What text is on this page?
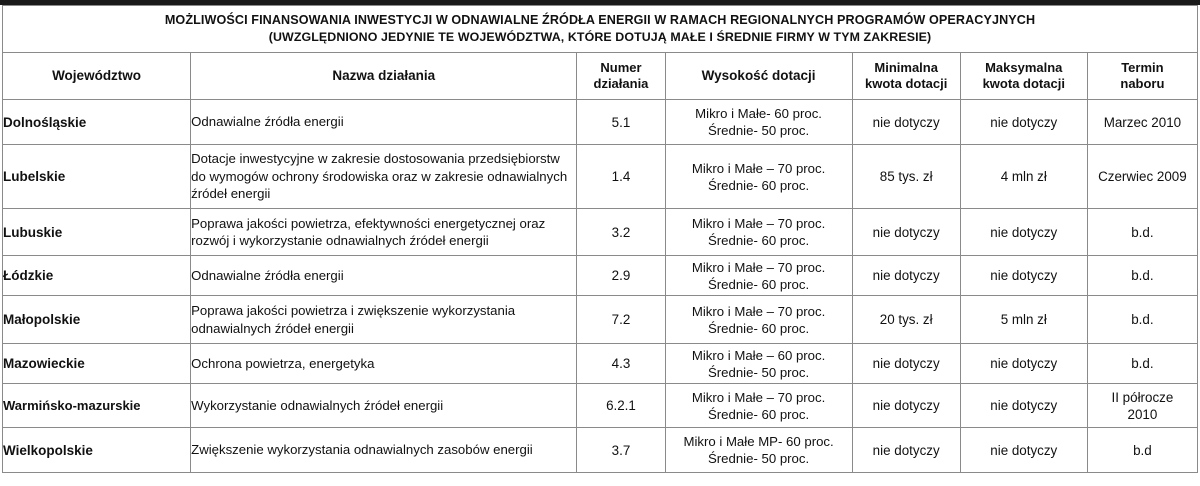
MOŻLIWOŚCI FINANSOWANIA INWESTYCJI W ODNAWIALNE ŹRÓDŁA ENERGII W RAMACH REGIONALNYCH PROGRAMÓW OPERACYJNYCH
(UWZGLĘDNIONO JEDYNIE TE WOJEWÓDZTWA, KTÓRE DOTUJĄ MAŁE I ŚREDNIE FIRMY W TYM ZAKRESIE)						

Województwo	Nazwa działania	Numer
działania	Wysokość dotacji	Minimalna
kwota dotacji	Maksymalna
kwota dotacji	Termin
naboru

Dolnośląskie	Odnawialne źródła energii	5.1	Mikro i Małe- 60 proc.
Średnie- 50 proc.	nie dotyczy	nie dotyczy	Marzec 2010

Lubelskie	Dotacje inwestycyjne w zakresie dostosowania przedsiębiorstw do wymogów ochrony środowiska oraz w zakresie odnawialnych źródeł energii	1.4	Mikro i Małe – 70 proc.
Średnie- 60 proc.	85 tys. zł	4 mln zł	Czerwiec 2009

Lubuskie	Poprawa jakości powietrza, efektywności energetycznej oraz rozwój i wykorzystanie odnawialnych źródeł energii	3.2	Mikro i Małe – 70 proc.
Średnie- 60 proc.	nie dotyczy	nie dotyczy	b.d.

Łódzkie	Odnawialne źródła energii	2.9	Mikro i Małe – 70 proc.
Średnie- 60 proc.	nie dotyczy	nie dotyczy	b.d.

Małopolskie	Poprawa jakości powietrza i zwiększenie wykorzystania odnawialnych źródeł energii	7.2	Mikro i Małe – 70 proc.
Średnie- 60 proc.	20 tys. zł	5 mln zł	b.d.

Mazowieckie	Ochrona powietrza, energetyka	4.3	Mikro i Małe – 60 proc.
Średnie- 50 proc.	nie dotyczy	nie dotyczy	b.d.

Warmińsko-mazurskie	Wykorzystanie odnawialnych źródeł energii	6.2.1	Mikro i Małe – 70 proc.
Średnie- 60 proc.	nie dotyczy	nie dotyczy	II półrocze
2010

Wielkopolskie	Zwiększenie wykorzystania odnawialnych zasobów energii	3.7	Mikro i Małe MP- 60 proc.
Średnie- 50 proc.	nie dotyczy	nie dotyczy	b.d
